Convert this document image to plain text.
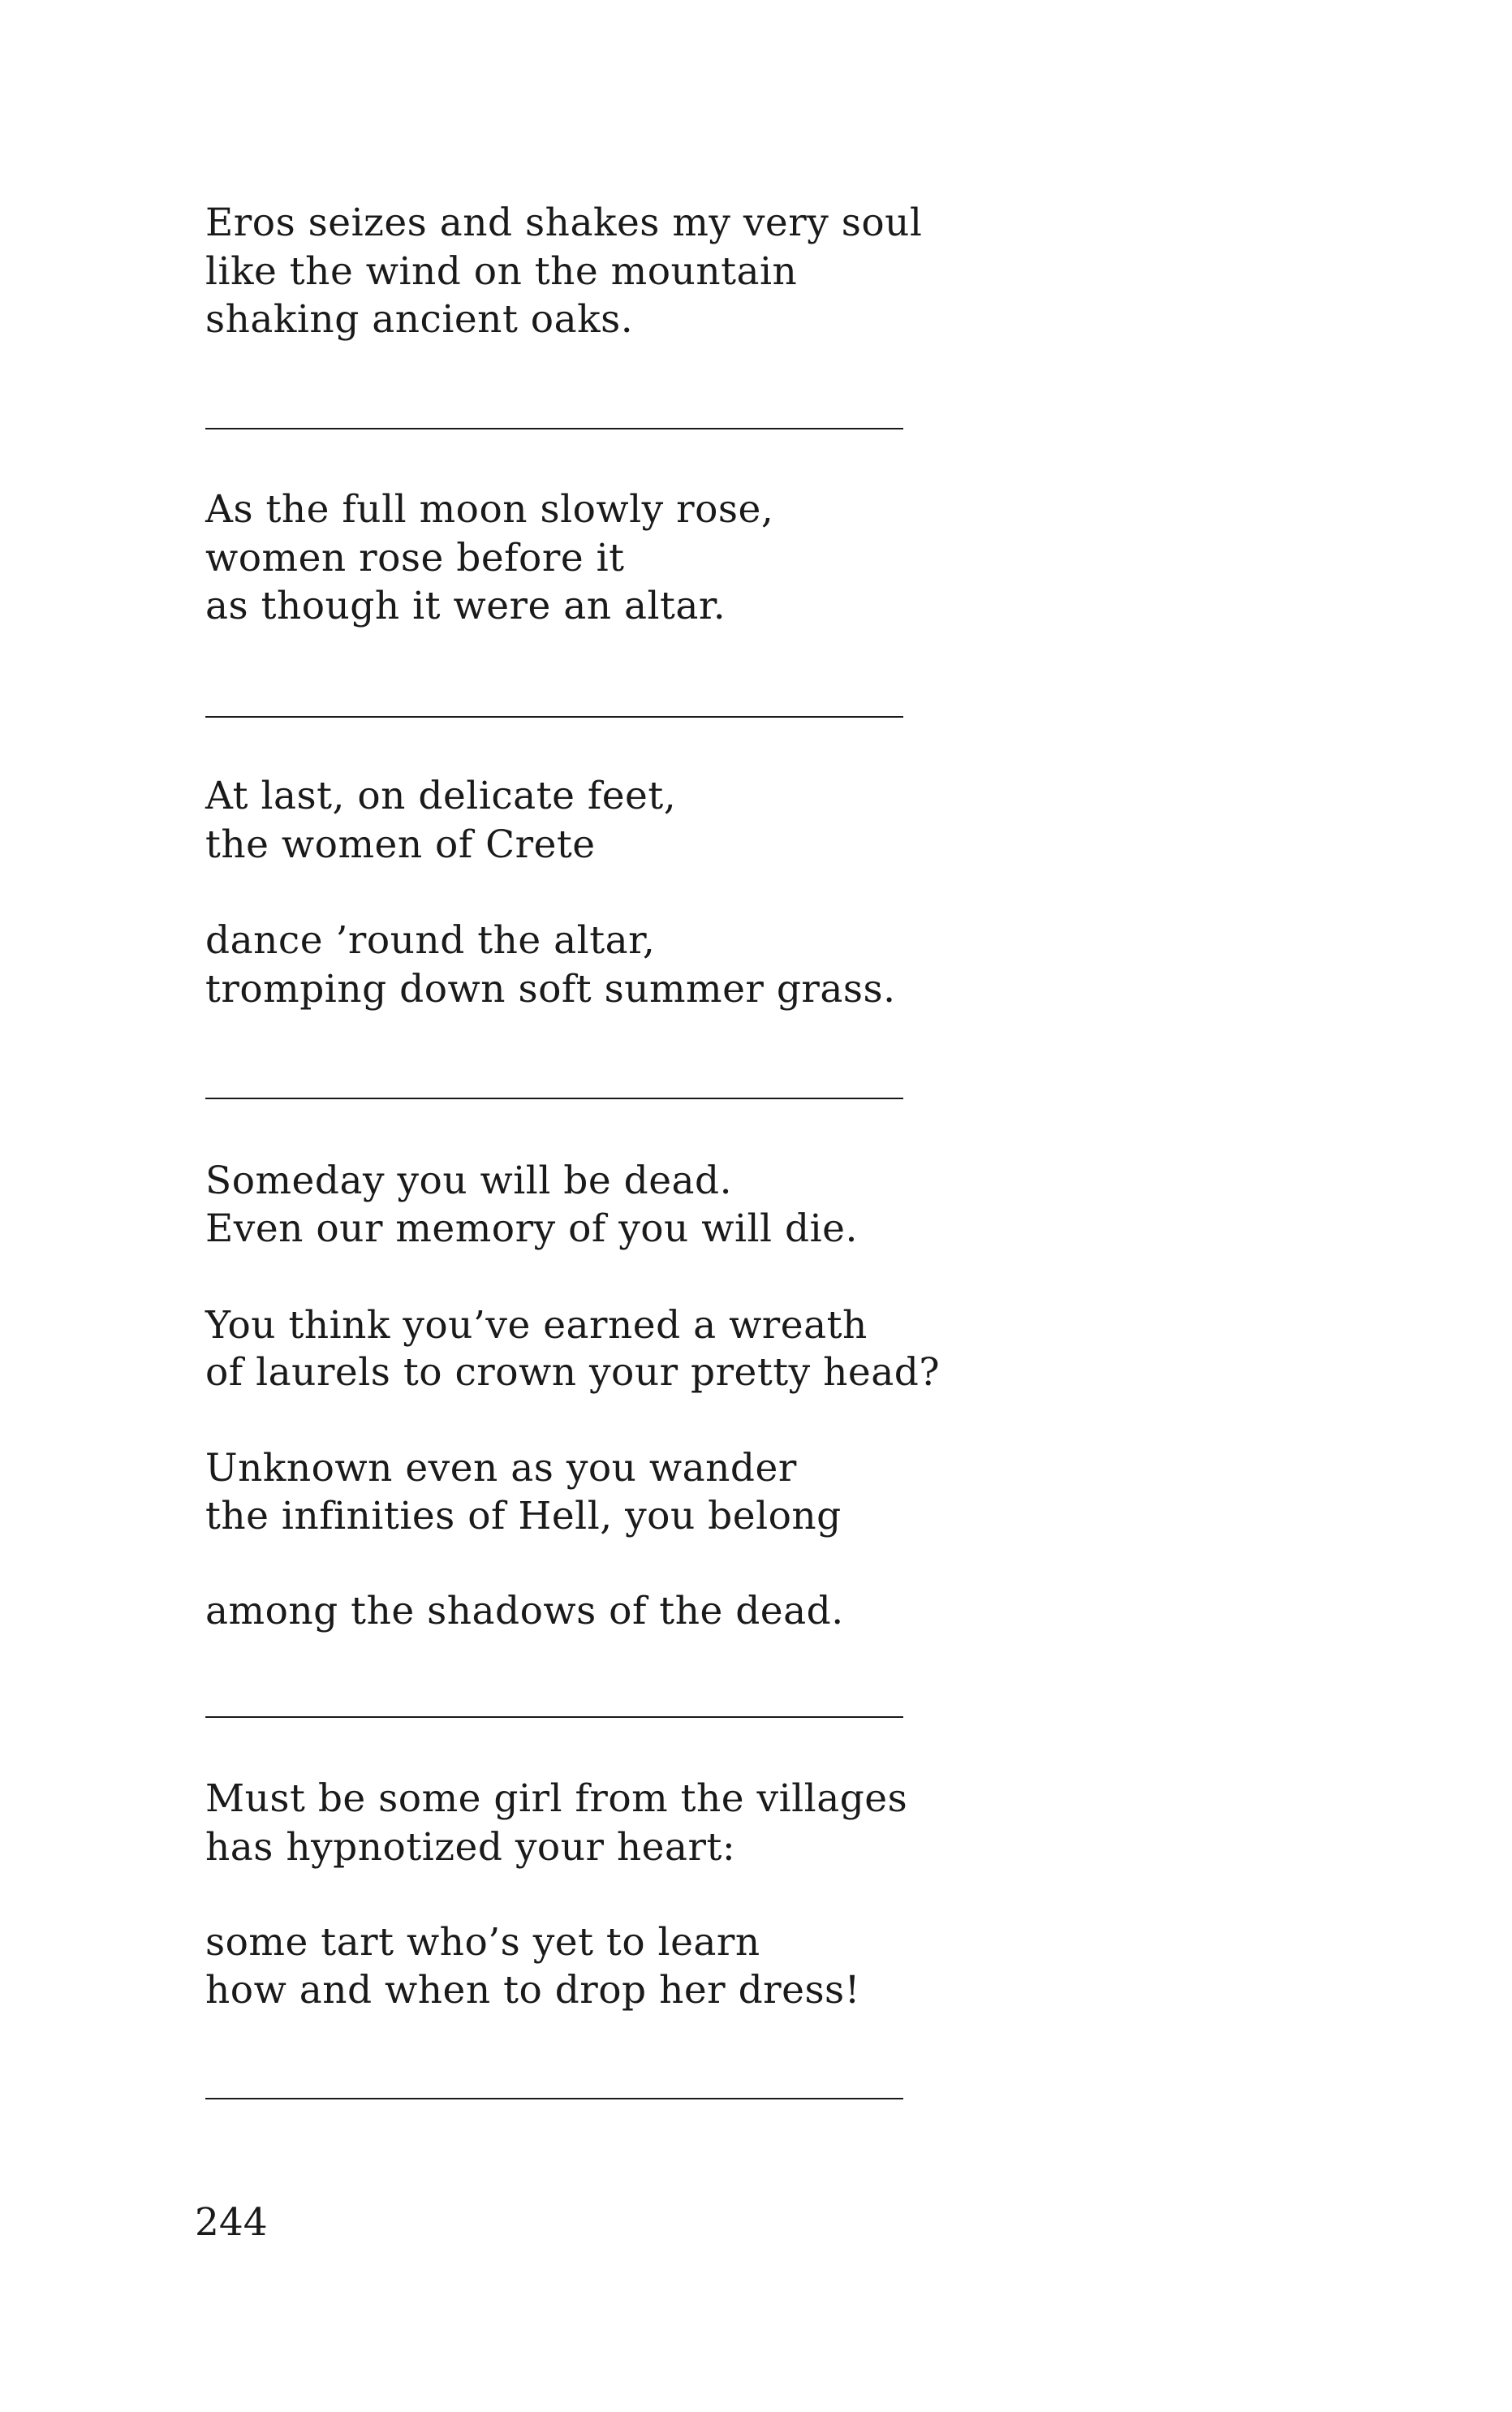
Eros seizes and shakes my very soul
like the wind on the mountain
shaking ancient oaks.
As the full moon slowly rose,
women rose before it
as though it were an altar.
At last, on delicate feet,
the women of Crete
dance ’round the altar,
tromping down soft summer grass.
Someday you will be dead.
Even our memory of you will die.
You think you’ve earned a wreath
of laurels to crown your pretty head?
Unknown even as you wander
the infinities of Hell, you belong
among the shadows of the dead.
Must be some girl from the villages
has hypnotized your heart:
some tart who’s yet to learn
how and when to drop her dress!
244
